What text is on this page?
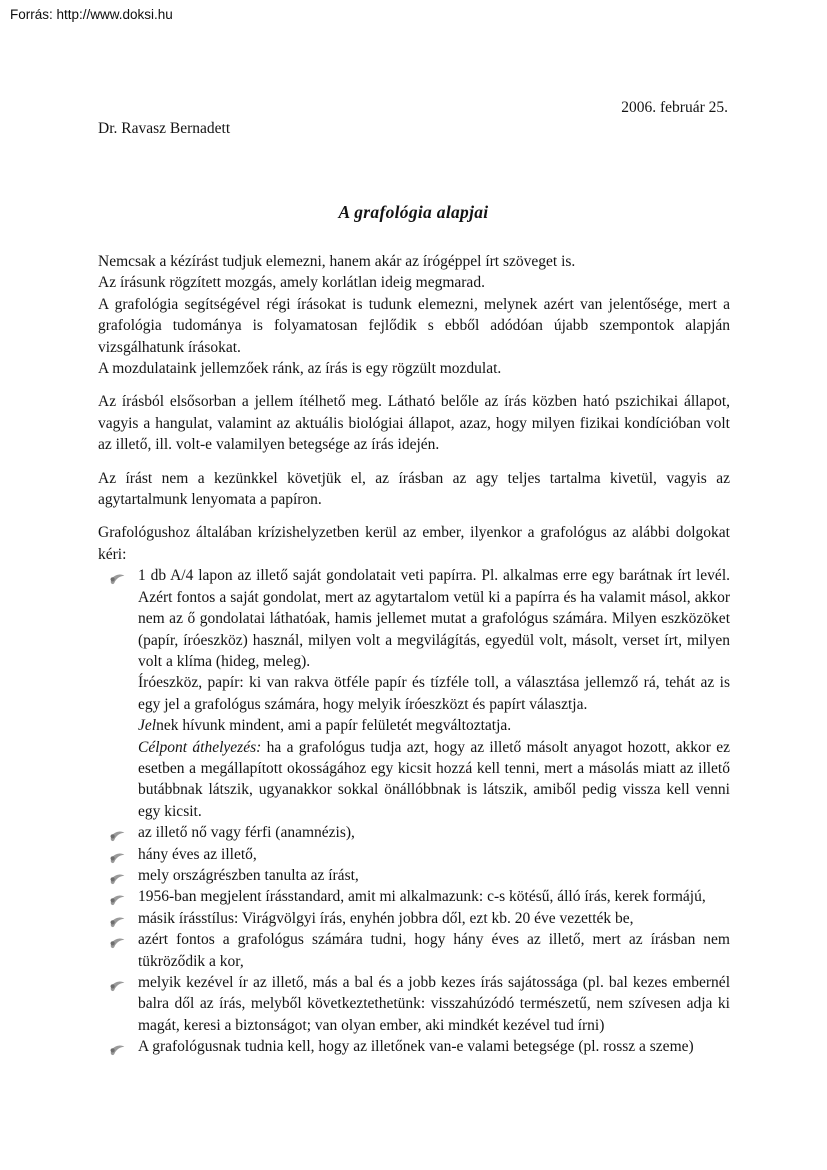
Forrás: http://www.doksi.hu
2006. február 25.
Dr. Ravasz Bernadett
A grafológia alapjai
Nemcsak a kézírást tudjuk elemezni, hanem akár az írógéppel írt szöveget is.
Az írásunk rögzített mozgás, amely korlátlan ideig megmarad.
A grafológia segítségével régi írásokat is tudunk elemezni, melynek azért van jelentősége, mert a grafológia tudománya is folyamatosan fejlődik s ebből adódóan újabb szempontok alapján vizsgálhatunk írásokat.
A mozdulataink jellemzőek ránk, az írás is egy rögzült mozdulat.
Az írásból elsősorban a jellem ítélhető meg. Látható belőle az írás közben ható pszichikai állapot, vagyis a hangulat, valamint az aktuális biológiai állapot, azaz, hogy milyen fizikai kondícióban volt az illető, ill. volt-e valamilyen betegsége az írás idején.
Az írást nem a kezünkkel követjük el, az írásban az agy teljes tartalma kivetül, vagyis az agytartalmunk lenyomata a papíron.
Grafológushoz általában krízishelyzetben kerül az ember, ilyenkor a grafológus az alábbi dolgokat kéri:
1 db A/4 lapon az illető saját gondolatait veti papírra. Pl. alkalmas erre egy barátnak írt levél. Azért fontos a saját gondolat, mert az agytartalom vetül ki a papírra és ha valamit másol, akkor nem az ő gondolatai láthatóak, hamis jellemet mutat a grafológus számára. Milyen eszközöket (papír, íróeszköz) használ, milyen volt a megvilágítás, egyedül volt, másolt, verset írt, milyen volt a klíma (hideg, meleg).
Íróeszköz, papír: ki van rakva ötféle papír és tízféle toll, a választása jellemző rá, tehát az is egy jel a grafológus számára, hogy melyik íróeszközt és papírt választja.
Jelnek hívunk mindent, ami a papír felületét megváltoztatja.
Célpont áthelyezés: ha a grafológus tudja azt, hogy az illető másolt anyagot hozott, akkor ez esetben a megállapított okosságához egy kicsit hozzá kell tenni, mert a másolás miatt az illető butábbnak látszik, ugyanakkor sokkal önállóbbnak is látszik, amiből pedig vissza kell venni egy kicsit.
az illető nő vagy férfi (anamnézis),
hány éves az illető,
mely országrészben tanulta az írást,
1956-ban megjelent írásstandard, amit mi alkalmazunk: c-s kötésű, álló írás, kerek formájú,
másik írásstílus: Virágvölgyi írás, enyhén jobbra dől, ezt kb. 20 éve vezették be,
azért fontos a grafológus számára tudni, hogy hány éves az illető, mert az írásban nem tükröződik a kor,
melyik kezével ír az illető, más a bal és a jobb kezes írás sajátossága (pl. bal kezes embernél balra dől az írás, melyből következtethetünk: visszahúzódó természetű, nem szívesen adja ki magát, keresi a biztonságot; van olyan ember, aki mindkét kezével tud írni)
A grafológusnak tudnia kell, hogy az illetőnek van-e valami betegsége (pl. rossz a szeme)
